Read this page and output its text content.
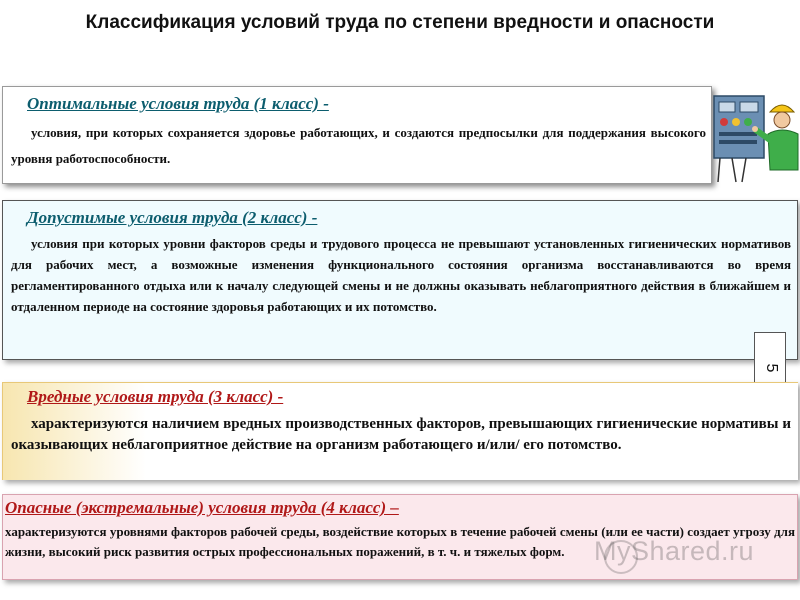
Классификация условий труда по степени вредности и опасности
Оптимальные условия труда (1 класс) -
условия, при которых сохраняется здоровье работающих, и создаются предпосылки для поддержания высокого уровня работоспособности.
Допустимые условия труда (2 класс) -
условия при которых уровни факторов среды и трудового процесса не превышают установленных гигиенических нормативов для рабочих мест, а возможные изменения функционального состояния организма восстанавливаются во время регламентированного отдыха или к началу следующей смены и не должны оказывать неблагоприятного действия в ближайшем и отдаленном периоде на состояние здоровья работающих и их потомство.
5
Вредные условия труда (3 класс) -
характеризуются наличием вредных производственных факторов, превышающих гигиенические нормативы и оказывающих неблагоприятное действие на организм работающего и/или/ его потомство.
Опасные (экстремальные) условия труда (4 класс) –
характеризуются уровнями факторов рабочей среды, воздействие которых в течение рабочей смены (или ее части) создает угрозу для жизни, высокий риск развития острых профессиональных поражений, в т. ч. и тяжелых форм.	MyShared.ru
